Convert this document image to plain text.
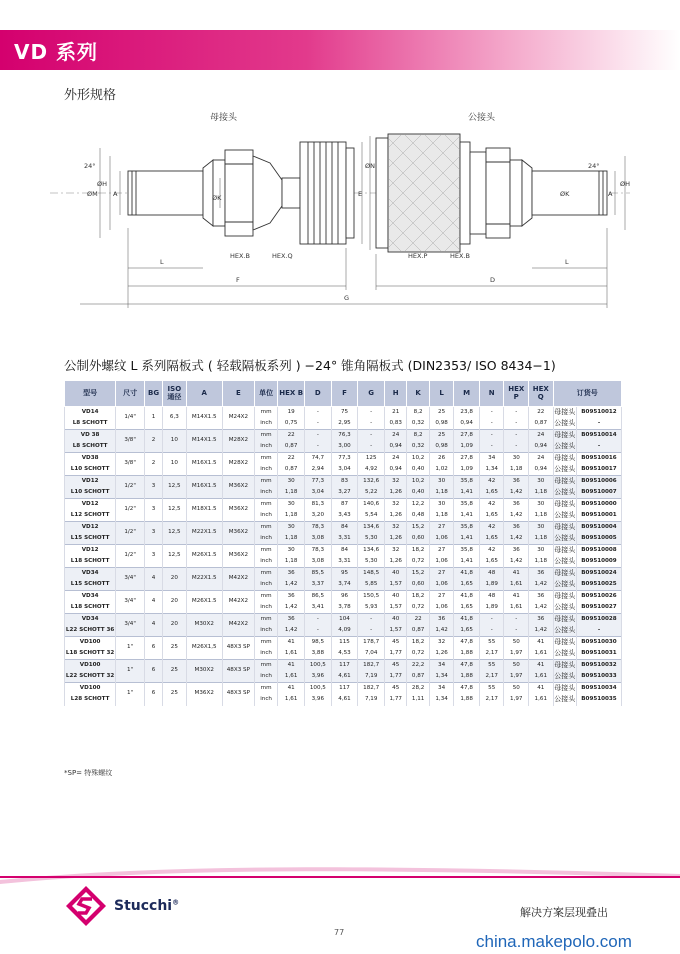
VD 系列
外形规格
母接头	公接头
ØM
ØH
A
24°
ØK	E
HEX.B	HEX.Q
ØN
HEX.P	HEX.B
L
F
L
D
G
ØK
24°
A
ØH
公制外螺纹 L 系列隔板式 ( 轻载隔板系列 ) −24° 锥角隔板式 (DIN2353/ ISO 8434−1)
型号	尺寸	BG	ISO 通径	A	E	单位	HEX B	D	F	G	H	K	L	M	N	HEX P	HEX Q	订货号	
VD14	1/4"	1	6,3	M14X1.5	M24X2	mm	19	-	75	-	21	8,2	25	23,8	-	-	22	母接头	B09510012
L8 SCHOTT						inch	0,75	-	2,95	-	0,83	0,32	0,98	0,94	-	-	0,87	公接头	-
VD 38	3/8"	2	10	M14X1.5	M28X2	mm	22	-	76,3	-	24	8,2	25	27,8	-	-	24	母接头	B09510014
L8 SCHOTT						inch	0,87	-	3,00	-	0,94	0,32	0,98	1,09	-	-	0,94	公接头	-
VD38	3/8"	2	10	M16X1.5	M28X2	mm	22	74,7	77,3	125	24	10,2	26	27,8	34	30	24	母接头	B09510016
L10 SCHOTT						inch	0,87	2,94	3,04	4,92	0,94	0,40	1,02	1,09	1,34	1,18	0,94	公接头	B09510017
VD12	1/2"	3	12,5	M16X1.5	M36X2	mm	30	77,3	83	132,6	32	10,2	30	35,8	42	36	30	母接头	B09510006
L10 SCHOTT						inch	1,18	3,04	3,27	5,22	1,26	0,40	1,18	1,41	1,65	1,42	1,18	公接头	B09510007
VD12	1/2"	3	12,5	M18X1.5	M36X2	mm	30	81,3	87	140,6	32	12,2	30	35,8	42	36	30	母接头	B09510000
L12 SCHOTT						inch	1,18	3,20	3,43	5,54	1,26	0,48	1,18	1,41	1,65	1,42	1,18	公接头	B09510001
VD12	1/2"	3	12,5	M22X1.5	M36X2	mm	30	78,3	84	134,6	32	15,2	27	35,8	42	36	30	母接头	B09510004
L15 SCHOTT						inch	1,18	3,08	3,31	5,30	1,26	0,60	1,06	1,41	1,65	1,42	1,18	公接头	B09510005
VD12	1/2"	3	12,5	M26X1.5	M36X2	mm	30	78,3	84	134,6	32	18,2	27	35,8	42	36	30	母接头	B09510008
L18 SCHOTT						inch	1,18	3,08	3,31	5,30	1,26	0,72	1,06	1,41	1,65	1,42	1,18	公接头	B09510009
VD34	3/4"	4	20	M22X1.5	M42X2	mm	36	85,5	95	148,5	40	15,2	27	41,8	48	41	36	母接头	B09510024
L15 SCHOTT						inch	1,42	3,37	3,74	5,85	1,57	0,60	1,06	1,65	1,89	1,61	1,42	公接头	B09510025
VD34	3/4"	4	20	M26X1.5	M42X2	mm	36	86,5	96	150,5	40	18,2	27	41,8	48	41	36	母接头	B09510026
L18 SCHOTT						inch	1,42	3,41	3,78	5,93	1,57	0,72	1,06	1,65	1,89	1,61	1,42	公接头	B09510027
VD34	3/4"	4	20	M30X2	M42X2	mm	36	-	104	-	40	22	36	41,8	-	-	36	母接头	B09510028
L22 SCHOTT 36						inch	1,42	-	4,09	-	1,57	0,87	1,42	1,65	-	-	1,42	公接头	-
VD100	1"	6	25	M26X1,5	48X3 SP	mm	41	98,5	115	178,7	45	18,2	32	47,8	55	50	41	母接头	B09510030
L18 SCHOTT 32						inch	1,61	3,88	4,53	7,04	1,77	0,72	1,26	1,88	2,17	1,97	1,61	公接头	B09510031
VD100	1"	6	25	M30X2	48X3 SP	mm	41	100,5	117	182,7	45	22,2	34	47,8	55	50	41	母接头	B09510032
L22 SCHOTT 32						inch	1,61	3,96	4,61	7,19	1,77	0,87	1,34	1,88	2,17	1,97	1,61	公接头	B09510033
VD100	1"	6	25	M36X2	48X3 SP	mm	41	100,5	117	182,7	45	28,2	34	47,8	55	50	41	母接头	B09510034
L28 SCHOTT						inch	1,61	3,96	4,61	7,19	1,77	1,11	1,34	1,88	2,17	1,97	1,61	公接头	B09510035
*SP= 特殊螺纹
Stucchi®
解决方案层现叠出
77	china.makepolo.com
